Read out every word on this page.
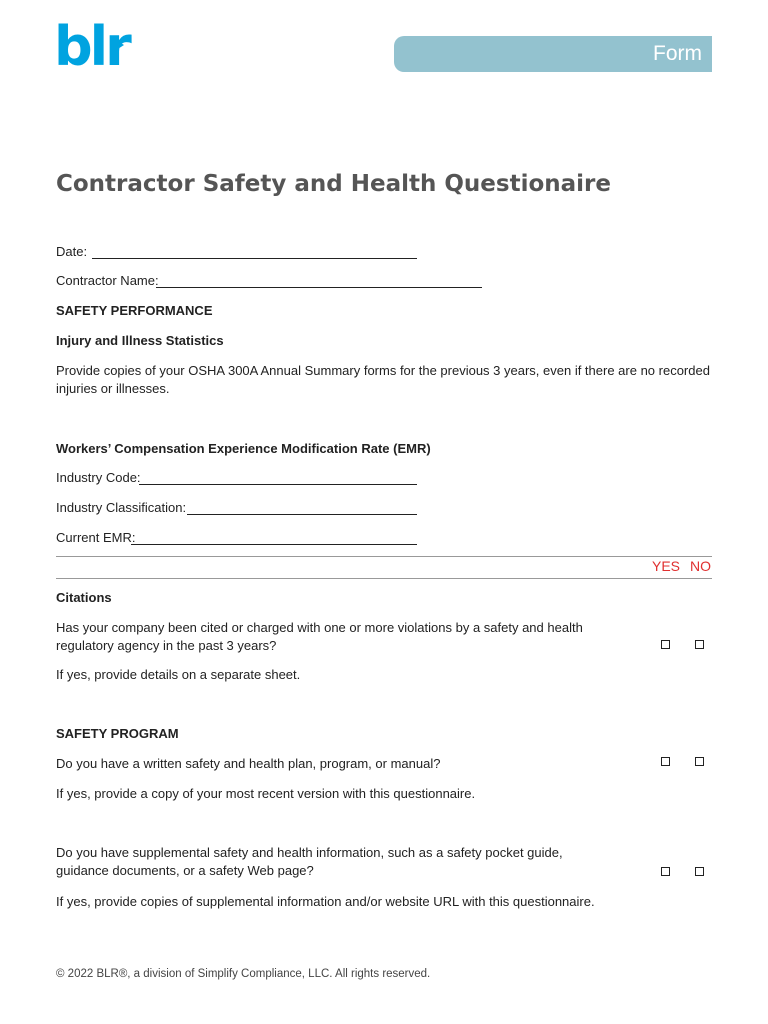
blr	Form
Contractor Safety and Health Questionaire
Date:
Contractor Name:
SAFETY PERFORMANCE
Injury and Illness Statistics
Provide copies of your OSHA 300A Annual Summary forms for the previous 3 years, even if there are no recorded injuries or illnesses.
Workers’ Compensation Experience Modification Rate (EMR)
Industry Code:
Industry Classification:
Current EMR:
YES NO
Citations
Has your company been cited or charged with one or more violations by a safety and health regulatory agency in the past 3 years?
If yes, provide details on a separate sheet.
SAFETY PROGRAM
Do you have a written safety and health plan, program, or manual?
If yes, provide a copy of your most recent version with this questionnaire.
Do you have supplemental safety and health information, such as a safety pocket guide, guidance documents, or a safety Web page?
If yes, provide copies of supplemental information and/or website URL with this questionnaire.
© 2022 BLR®, a division of Simplify Compliance, LLC. All rights reserved.
